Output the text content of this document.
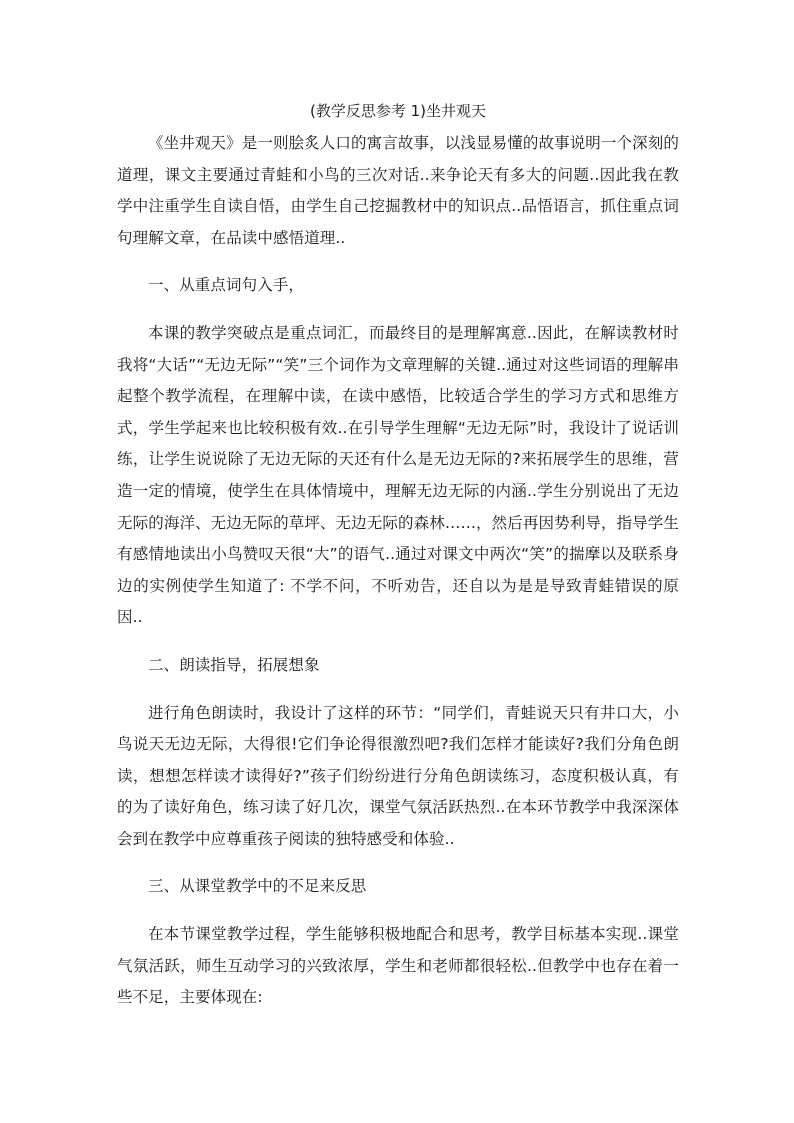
(教学反思参考 1)坐井观天

《坐井观天》是一则脍炙人口的寓言故事，以浅显易懂的故事说明一个深刻的道理，课文主要通过青蛙和小鸟的三次对话..来争论天有多大的问题..因此我在教学中注重学生自读自悟，由学生自己挖掘教材中的知识点..品悟语言，抓住重点词句理解文章，在品读中感悟道理..

一、从重点词句入手，

本课的教学突破点是重点词汇，而最终目的是理解寓意..因此，在解读教材时我将“大话”“无边无际”“笑”三个词作为文章理解的关键..通过对这些词语的理解串起整个教学流程，在理解中读，在读中感悟，比较适合学生的学习方式和思维方式，学生学起来也比较积极有效..在引导学生理解“无边无际”时，我设计了说话训练，让学生说说除了无边无际的天还有什么是无边无际的?来拓展学生的思维，营造一定的情境，使学生在具体情境中，理解无边无际的内涵..学生分别说出了无边无际的海洋、无边无际的草坪、无边无际的森林……，然后再因势利导，指导学生有感情地读出小鸟赞叹天很“大”的语气..通过对课文中两次“笑”的揣摩以及联系身边的实例使学生知道了: 不学不问，不听劝告，还自以为是是导致青蛙错误的原因..

二、朗读指导，拓展想象

进行角色朗读时，我设计了这样的环节：“同学们，青蛙说天只有井口大，小鸟说天无边无际，大得很!它们争论得很激烈吧?我们怎样才能读好?我们分角色朗读，想想怎样读才读得好?”孩子们纷纷进行分角色朗读练习，态度积极认真，有的为了读好角色，练习读了好几次，课堂气氛活跃热烈..在本环节教学中我深深体会到在教学中应尊重孩子阅读的独特感受和体验..

三、从课堂教学中的不足来反思

在本节课堂教学过程，学生能够积极地配合和思考，教学目标基本实现..课堂气氛活跃，师生互动学习的兴致浓厚，学生和老师都很轻松..但教学中也存在着一些不足，主要体现在:
